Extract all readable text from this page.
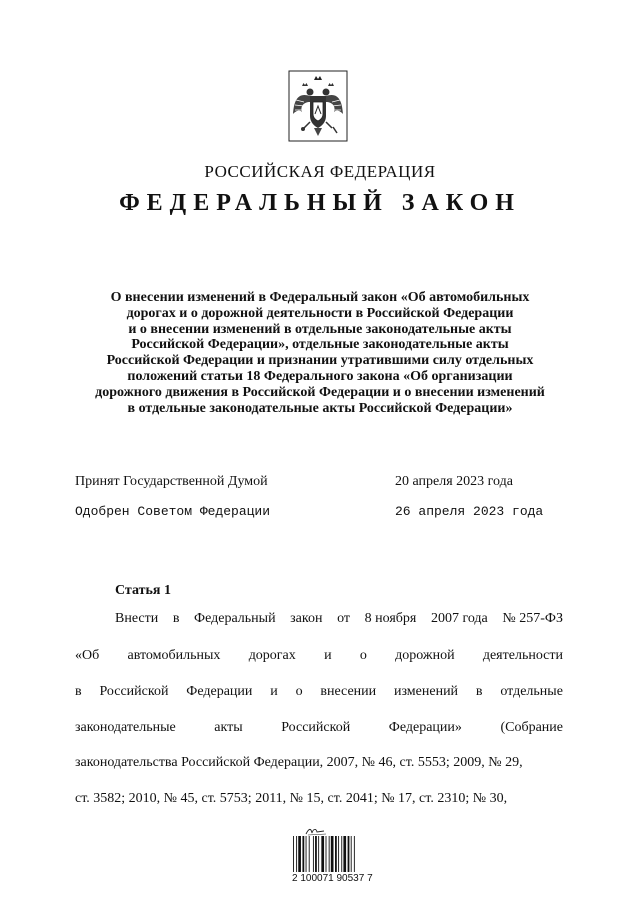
РОССИЙСКАЯ ФЕДЕРАЦИЯ
ФЕДЕРАЛЬНЫЙ ЗАКОН
О внесении изменений в Федеральный закон «Об автомобильных
дорогах и о дорожной деятельности в Российской Федерации
и о внесении изменений в отдельные законодательные акты
Российской Федерации», отдельные законодательные акты
Российской Федерации и признании утратившими силу отдельных
положений статьи 18 Федерального закона «Об организации
дорожного движения в Российской Федерации и о внесении изменений
в отдельные законодательные акты Российской Федерации»
Принят Государственной Думой	20 апреля 2023 года
Одобрен Советом Федерации	26 апреля 2023 года
Статья 1
Внести в Федеральный закон от 8 ноября 2007 года № 257-ФЗ
«Об автомобильных дорогах и о дорожной деятельности
в Российской Федерации и о внесении изменений в отдельные
законодательные	акты	Российской	Федерации»	(Собрание
законодательства Российской Федерации, 2007, № 46, ст. 5553; 2009, № 29,
ст. 3582; 2010, № 45, ст. 5753; 2011, № 15, ст. 2041; № 17, ст. 2310; № 30,
2 100071 90537 7
